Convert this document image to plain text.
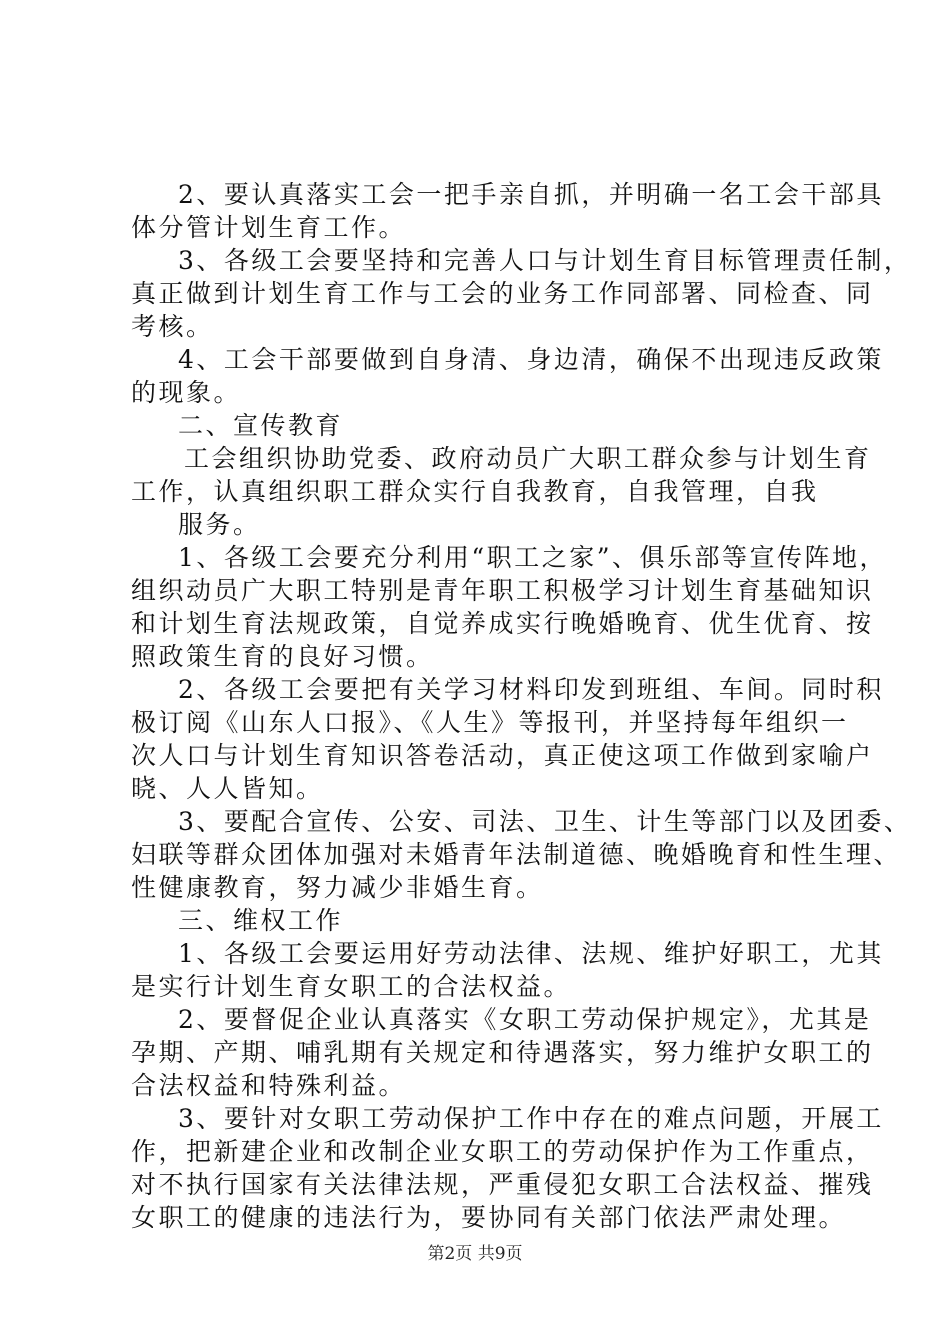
2、要认真落实工会一把手亲自抓，并明确一名工会干部具
体分管计划生育工作。
3、各级工会要坚持和完善人口与计划生育目标管理责任制，
真正做到计划生育工作与工会的业务工作同部署、同检查、同
考核。
4、工会干部要做到自身清、身边清，确保不出现违反政策
的现象。
二、宣传教育
工会组织协助党委、政府动员广大职工群众参与计划生育
工作，认真组织职工群众实行自我教育，自我管理，自我
服务。
1、各级工会要充分利用“职工之家”、俱乐部等宣传阵地，
组织动员广大职工特别是青年职工积极学习计划生育基础知识
和计划生育法规政策，自觉养成实行晚婚晚育、优生优育、按
照政策生育的良好习惯。
2、各级工会要把有关学习材料印发到班组、车间。同时积
极订阅《山东人口报》、《人生》等报刊，并坚持每年组织一
次人口与计划生育知识答卷活动，真正使这项工作做到家喻户
晓、人人皆知。
3、要配合宣传、公安、司法、卫生、计生等部门以及团委、
妇联等群众团体加强对未婚青年法制道德、晚婚晚育和性生理、
性健康教育，努力减少非婚生育。
三、维权工作
1、各级工会要运用好劳动法律、法规、维护好职工，尤其
是实行计划生育女职工的合法权益。
2、要督促企业认真落实《女职工劳动保护规定》，尤其是
孕期、产期、哺乳期有关规定和待遇落实，努力维护女职工的
合法权益和特殊利益。
3、要针对女职工劳动保护工作中存在的难点问题，开展工
作，把新建企业和改制企业女职工的劳动保护作为工作重点，
对不执行国家有关法律法规，严重侵犯女职工合法权益、摧残
女职工的健康的违法行为，要协同有关部门依法严肃处理。
第2页 共9页
